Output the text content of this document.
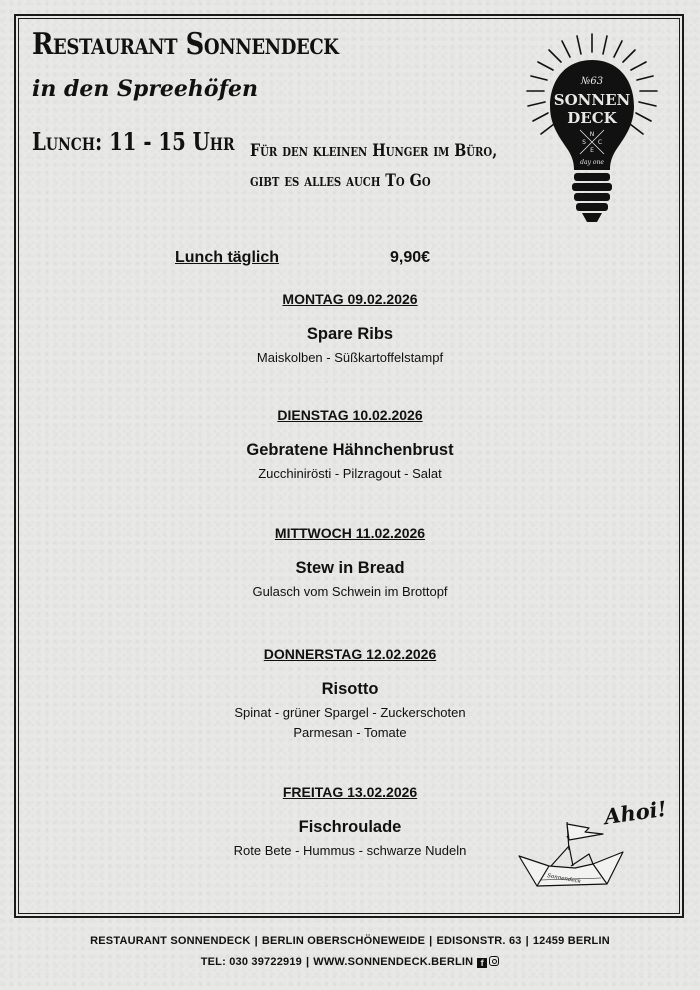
Restaurant Sonnendeck
in den Spreehöfen
Lunch: 11 - 15 Uhr Für den kleinen Hunger im Büro,
gibt es alles auch To Go
№63
SONNEN
DECK
N
S C
E
day one
Lunch täglich	9,90€
MONTAG 09.02.2026
Spare Ribs
Maiskolben - Süßkartoffelstampf
DIENSTAG 10.02.2026
Gebratene Hähnchenbrust
Zucchinirösti - Pilzragout - Salat
MITTWOCH 11.02.2026
Stew in Bread
Gulasch vom Schwein im Brottopf
DONNERSTAG 12.02.2026
Risotto
Spinat - grüner Spargel - Zuckerschoten
Parmesan - Tomate
FREITAG 13.02.2026
Fischroulade
Rote Bete - Hummus - schwarze Nudeln
Ahoi!
Sonnendeck
RESTAURANT SONNENDECK | BERLIN OBERSCHÖNEWEIDE | EDISONSTR. 63 | 12459 BERLIN
TEL: 030 39722919 | WWW.SONNENDECK.BERLIN f
